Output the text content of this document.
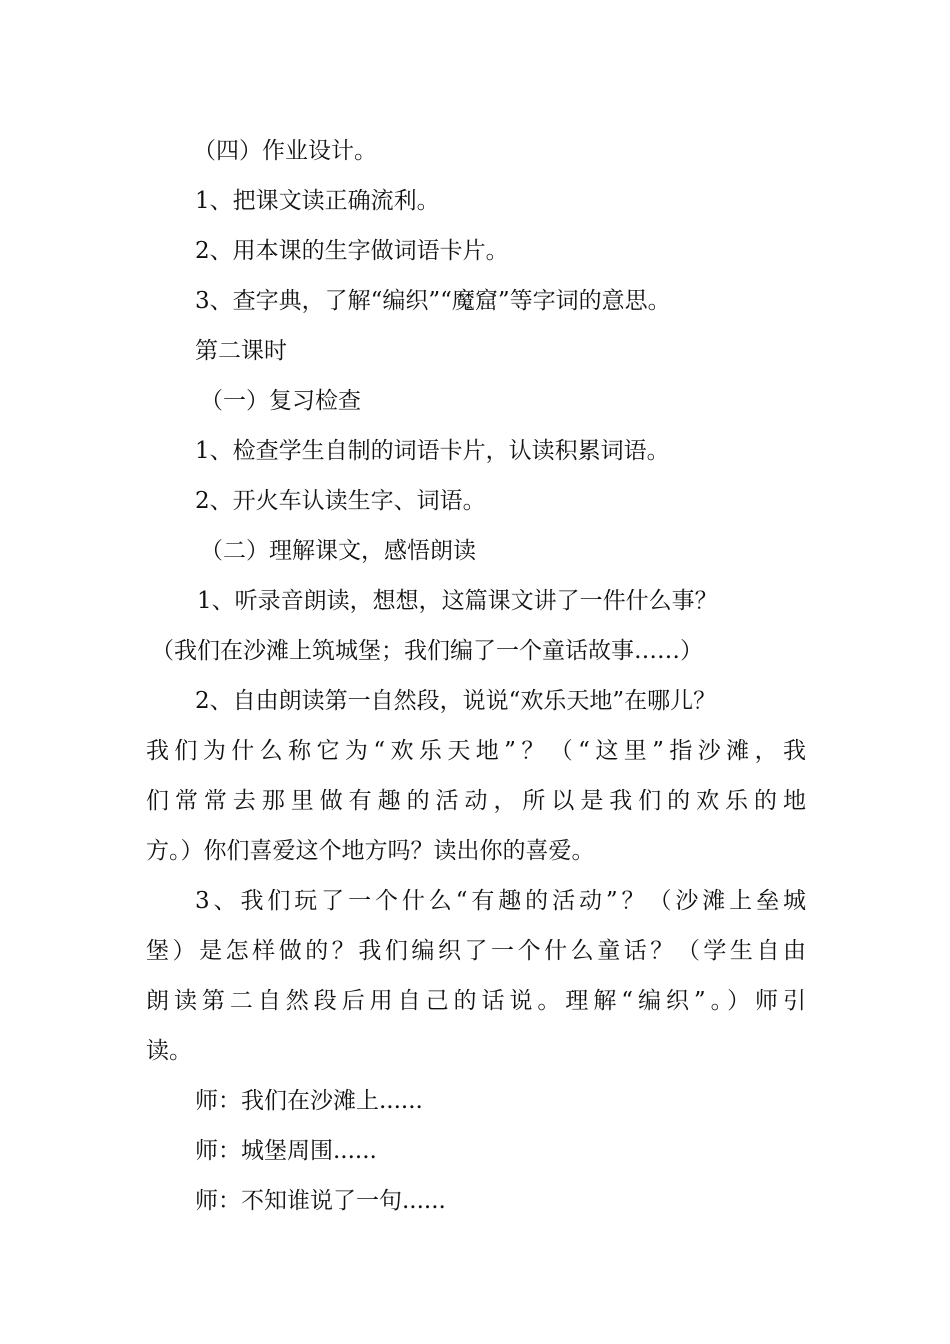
（四）作业设计。

1、把课文读正确流利。

2、用本课的生字做词语卡片。

3、查字典，了解“编织”“魔窟”等字词的意思。

第二课时

（一）复习检查

1、检查学生自制的词语卡片，认读积累词语。

2、开火车认读生字、词语。

（二）理解课文，感悟朗读

1、听录音朗读，想想，这篇课文讲了一件什么事？

（我们在沙滩上筑城堡；我们编了一个童话故事……）

2、自由朗读第一自然段，说说“欢乐天地”在哪儿？

我们为什么称它为“欢乐天地”？（“这里”指沙滩，我

们常常去那里做有趣的活动，所以是我们的欢乐的地

方。）你们喜爱这个地方吗？读出你的喜爱。

3、我们玩了一个什么“有趣的活动”？（沙滩上垒城

堡）是怎样做的？我们编织了一个什么童话？（学生自由

朗读第二自然段后用自己的话说。理解“编织”。）师引

读。

师：我们在沙滩上......

师：城堡周围......

师：不知谁说了一句......
